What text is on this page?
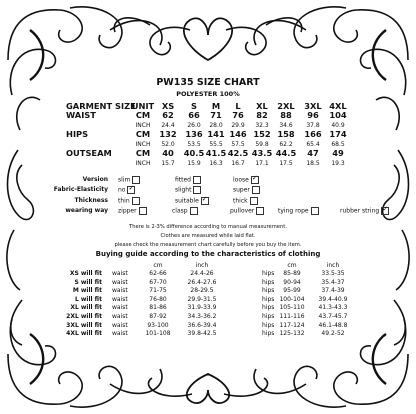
PW135 SIZE CHART
POLYESTER 100%
GARMENT SIZE
UNIT XS S M L XL 2XL 3XL 4XL
WAIST	CM 62 66 71 76 82 88 96 104
INCH 24.4 26.0 28.0 29.9 32.3 34.6 37.8 40.9
HIPS	CM 132 136 141 146 152 158 166 174
INCH 52.0 53.5 55.5 57.5 59.8 62.2 65.4 68.5
OUTSEAM	CM 40 40.5 41.5 42.5 43.5 44.5 47 49
INCH 15.7 15.9 16.3 16.7 17.1 17.5 18.5 19.3
Version slim	fitted	loose✓
Fabric-Elasticity no ✓	slight	super
Thickness thin	suitable ✓	thick
wearing way zipper	clasp	pullover	tying rope	rubber string✓
There is 2-3% difference according to manual measurement.
Clothes are measured while laid flat.
please check the measurement chart carefully before you buy the item.
Buying guide according to the characteristics of clothing
cm	inch	cm	inch
XS will fit waist	62-66	24.4-26	hips 85-89	33.5-35
S will fit waist	67-70	26.4-27.6	hips 90-94	35.4-37
M will fit waist	71-75	28-29.5	hips 95-99	37.4-39
L will fit waist	76-80	29.9-31.5	hips 100-104 39.4-40.9
XL will fit waist	81-86	31.9-33.9	hips 105-110 41.3-43.3
2XL will fit waist	87-92	34.3-36.2	hips 111-116 43.7-45.7
3XL will fit waist	93-100	36.6-39.4	hips 117-124 46.1-48.8
4XL will fit waist	101-108	39.8-42.5	hips 125-132	49.2-52
